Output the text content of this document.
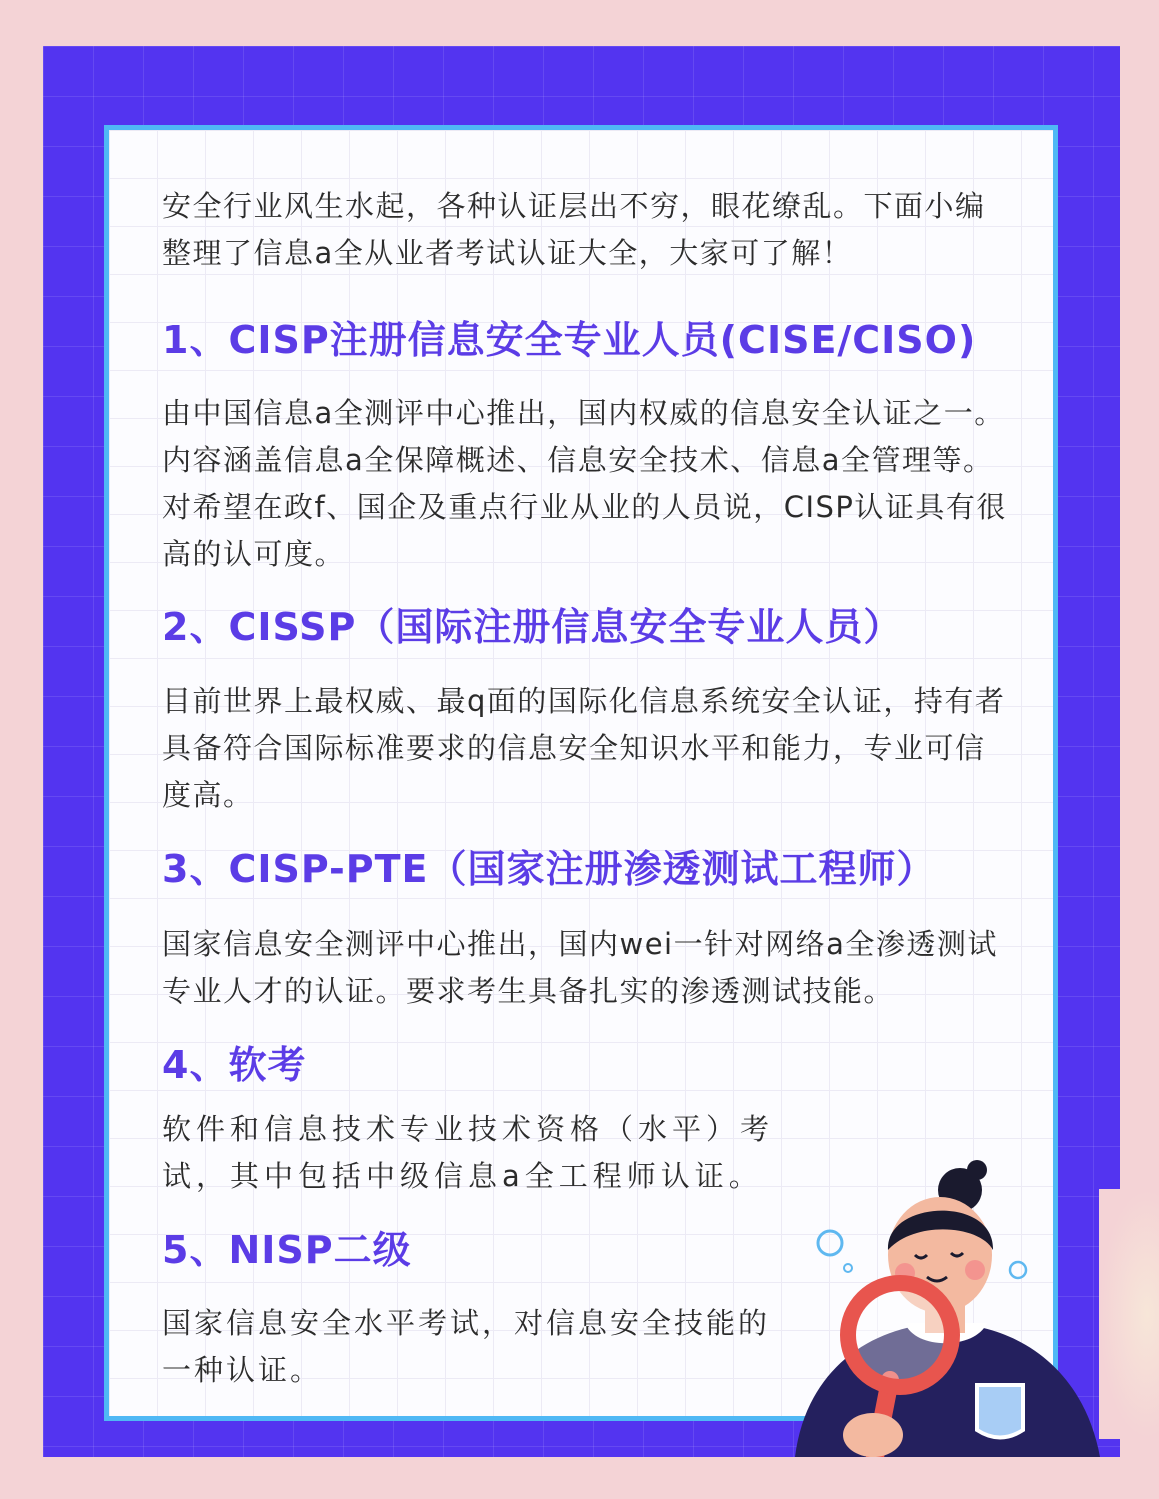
安全行业风生水起，各种认证层出不穷，眼花缭乱。下面小编整理了信息a全从业者考试认证大全，大家可了解！

1、CISP注册信息安全专业人员(CISE/CISO)

由中国信息a全测评中心推出，国内权威的信息安全认证之一。内容涵盖信息a全保障概述、信息安全技术、信息a全管理等。对希望在政f、国企及重点行业从业的人员说，CISP认证具有很高的认可度。

2、CISSP（国际注册信息安全专业人员）

目前世界上最权威、最q面的国际化信息系统安全认证，持有者具备符合国际标准要求的信息安全知识水平和能力，专业可信度高。

3、CISP-PTE（国家注册渗透测试工程师）

国家信息安全测评中心推出，国内wei一针对网络a全渗透测试专业人才的认证。要求考生具备扎实的渗透测试技能。

4、软考

软件和信息技术专业技术资格（水平）考试，其中包括中级信息a全工程师认证。

5、NISP二级

国家信息安全水平考试，对信息安全技能的一种认证。
